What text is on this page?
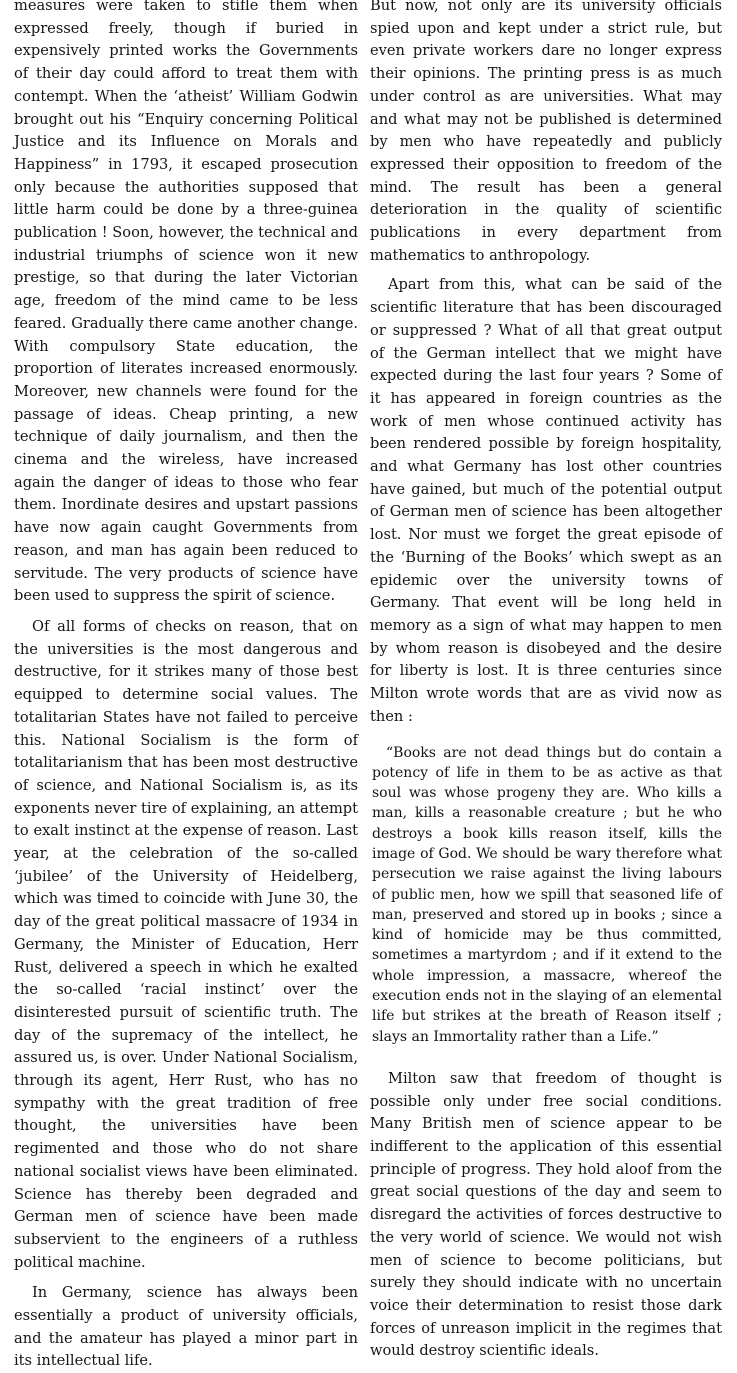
measures were taken to stifle them when expressed freely, though if buried in expensively printed works the Governments of their day could afford to treat them with contempt. When the ‘atheist’ William Godwin brought out his “Enquiry concerning Political Justice and its Influence on Morals and Happiness” in 1793, it escaped prosecution only because the authorities supposed that little harm could be done by a three-guinea publication ! Soon, however, the technical and industrial triumphs of science won it new prestige, so that during the later Victorian age, freedom of the mind came to be less feared. Gradually there came another change. With compulsory State education, the proportion of literates increased enormously. Moreover, new channels were found for the passage of ideas. Cheap printing, a new technique of daily journalism, and then the cinema and the wireless, have increased again the danger of ideas to those who fear them. Inordinate desires and upstart passions have now again caught Governments from reason, and man has again been reduced to servitude. The very products of science have been used to suppress the spirit of science.

Of all forms of checks on reason, that on the universities is the most dangerous and destructive, for it strikes many of those best equipped to determine social values. The totalitarian States have not failed to perceive this. National Socialism is the form of totalitarianism that has been most destructive of science, and National Socialism is, as its exponents never tire of explaining, an attempt to exalt instinct at the expense of reason. Last year, at the celebration of the so-called ‘jubilee’ of the University of Heidelberg, which was timed to coincide with June 30, the day of the great political massacre of 1934 in Germany, the Minister of Education, Herr Rust, delivered a speech in which he exalted the so-called ‘racial instinct’ over the disinterested pursuit of scientific truth. The day of the supremacy of the intellect, he assured us, is over. Under National Socialism, through its agent, Herr Rust, who has no sympathy with the great tradition of free thought, the universities have been regimented and those who do not share national socialist views have been eliminated. Science has thereby been degraded and German men of science have been made subservient to the engineers of a ruthless political machine.

In Germany, science has always been essentially a product of university officials, and the amateur has played a minor part in its intellectual life.

But now, not only are its university officials spied upon and kept under a strict rule, but even private workers dare no longer express their opinions. The printing press is as much under control as are universities. What may and what may not be published is determined by men who have repeatedly and publicly expressed their opposition to freedom of the mind. The result has been a general deterioration in the quality of scientific publications in every department from mathematics to anthropology.

Apart from this, what can be said of the scientific literature that has been discouraged or suppressed ? What of all that great output of the German intellect that we might have expected during the last four years ? Some of it has appeared in foreign countries as the work of men whose continued activity has been rendered possible by foreign hospitality, and what Germany has lost other countries have gained, but much of the potential output of German men of science has been altogether lost. Nor must we forget the great episode of the ‘Burning of the Books’ which swept as an epidemic over the university towns of Germany. That event will be long held in memory as a sign of what may happen to men by whom reason is disobeyed and the desire for liberty is lost. It is three centuries since Milton wrote words that are as vivid now as then :

“Books are not dead things but do contain a potency of life in them to be as active as that soul was whose progeny they are. Who kills a man, kills a reasonable creature ; but he who destroys a book kills reason itself, kills the image of God. We should be wary therefore what persecution we raise against the living labours of public men, how we spill that seasoned life of man, preserved and stored up in books ; since a kind of homicide may be thus committed, sometimes a martyrdom ; and if it extend to the whole impression, a massacre, whereof the execution ends not in the slaying of an elemental life but strikes at the breath of Reason itself ; slays an Immortality rather than a Life.”

Milton saw that freedom of thought is possible only under free social conditions. Many British men of science appear to be indifferent to the application of this essential principle of progress. They hold aloof from the great social questions of the day and seem to disregard the activities of forces destructive to the very world of science. We would not wish men of science to become politicians, but surely they should indicate with no uncertain voice their determination to resist those dark forces of unreason implicit in the regimes that would destroy scientific ideals.
